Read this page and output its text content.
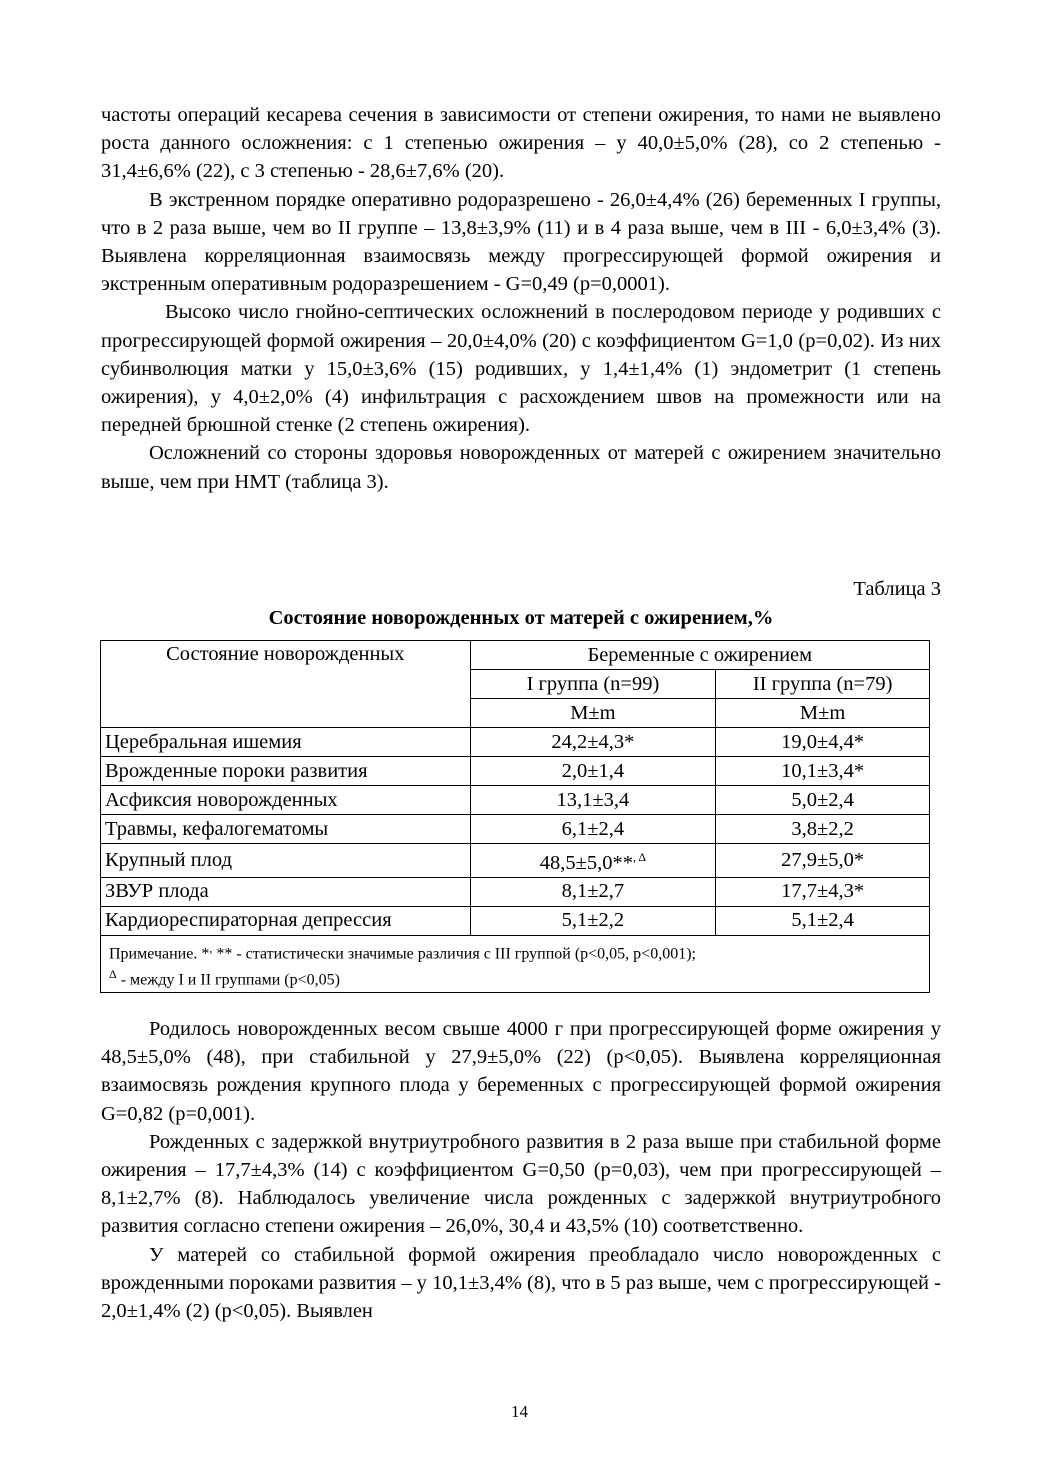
частоты операций кесарева сечения в зависимости от степени ожирения, то нами не выявлено роста данного осложнения: с 1 степенью ожирения – у 40,0±5,0% (28), со 2 степенью - 31,4±6,6% (22), с 3 степенью - 28,6±7,6% (20).

В экстренном порядке оперативно родоразрешено - 26,0±4,4% (26) беременных I группы, что в 2 раза выше, чем во II группе – 13,8±3,9% (11) и в 4 раза выше, чем в III - 6,0±3,4% (3). Выявлена корреляционная взаимосвязь между прогрессирующей формой ожирения и экстренным оперативным родоразрешением - G=0,49 (p=0,0001).

Высоко число гнойно-септических осложнений в послеродовом периоде у родивших с прогрессирующей формой ожирения – 20,0±4,0% (20) с коэффициентом G=1,0 (p=0,02). Из них субинволюция матки у 15,0±3,6% (15) родивших, у 1,4±1,4% (1) эндометрит (1 степень ожирения), у 4,0±2,0% (4) инфильтрация с расхождением швов на промежности или на передней брюшной стенке (2 степень ожирения).

Осложнений со стороны здоровья новорожденных от матерей с ожирением значительно выше, чем при НМТ (таблица 3).

Таблица 3
Состояние новорожденных от матерей с ожирением,%
Состояние новорожденных	Беременные с ожирением	
	I группа (n=99)	II группа (n=79)
	M±m	M±m
Церебральная ишемия	24,2±4,3*	19,0±4,4*
Врожденные пороки развития	2,0±1,4	10,1±3,4*
Асфиксия новорожденных	13,1±3,4	5,0±2,4
Травмы, кефалогематомы	6,1±2,4	3,8±2,2
Крупный плод	48,5±5,0**$^{, \Delta}$	27,9±5,0*
ЗВУР плода	8,1±2,7	17,7±4,3*
Кардиореспираторная депрессия	5,1±2,2	5,1±2,4

Примечание. *, ** - статистически значимые различия с III группой (p<0,05, p<0,001);
$^\Delta$ - между I и II группами (p<0,05)		

Родилось новорожденных весом свыше 4000 г при прогрессирующей форме ожирения у 48,5±5,0% (48), при стабильной у 27,9±5,0% (22) (p<0,05). Выявлена корреляционная взаимосвязь рождения крупного плода у беременных с прогрессирующей формой ожирения G=0,82 (p=0,001).

Рожденных с задержкой внутриутробного развития в 2 раза выше при стабильной форме ожирения – 17,7±4,3% (14) с коэффициентом G=0,50 (p=0,03), чем при прогрессирующей – 8,1±2,7% (8). Наблюдалось увеличение числа рожденных с задержкой внутриутробного развития согласно степени ожирения – 26,0%, 30,4 и 43,5% (10) соответственно.

У матерей со стабильной формой ожирения преобладало число новорожденных с врожденными пороками развития – у 10,1±3,4% (8), что в 5 раз выше, чем с прогрессирующей - 2,0±1,4% (2) (p<0,05). Выявлен

14
